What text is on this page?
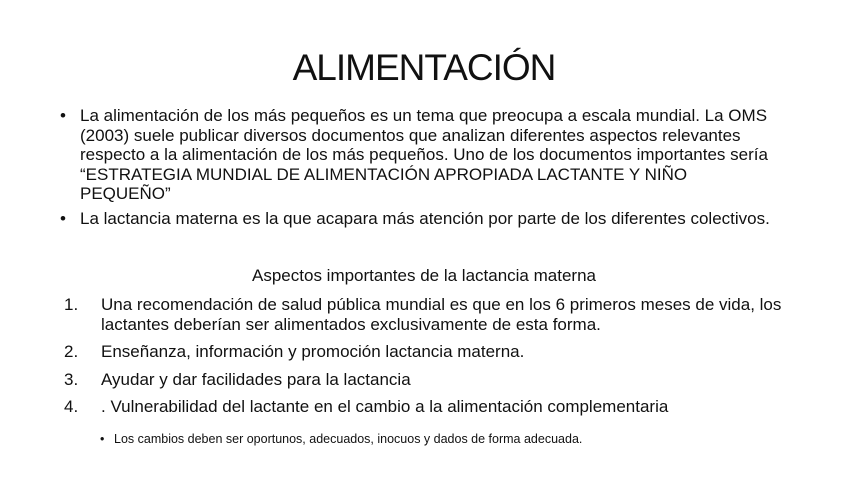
ALIMENTACIÓN
• La alimentación de los más pequeños es un tema que preocupa a escala mundial. La OMS (2003) suele publicar diversos documentos que analizan diferentes aspectos relevantes respecto a la alimentación de los más pequeños. Uno de los documentos importantes sería “ESTRATEGIA MUNDIAL DE ALIMENTACIÓN APROPIADA LACTANTE Y NIÑO PEQUEÑO”
• La lactancia materna es la que acapara más atención por parte de los diferentes colectivos.
Aspectos importantes de la lactancia materna
1. Una recomendación de salud pública mundial es que en los 6 primeros meses de vida, los lactantes deberían ser alimentados exclusivamente de esta forma.
2. Enseñanza, información y promoción lactancia materna.
3. Ayudar y dar facilidades para la lactancia
4. . Vulnerabilidad del lactante en el cambio a la alimentación complementaria
• Los cambios deben ser oportunos, adecuados, inocuos y dados de forma adecuada.
